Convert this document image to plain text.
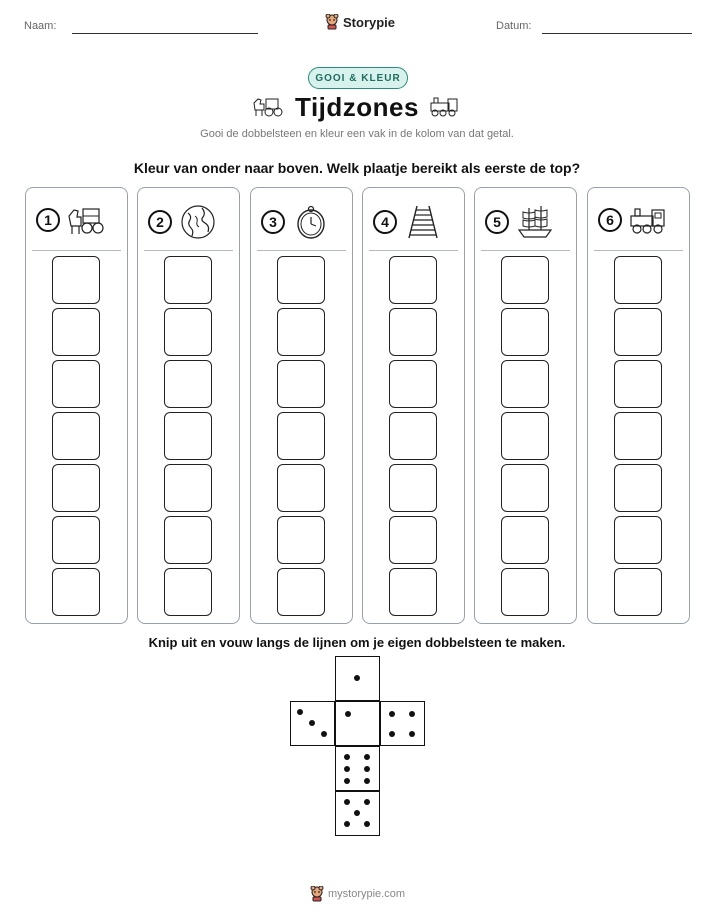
Naam:	Storypie	Datum:
GOOI & KLEUR
Tijdzones
Gooi de dobbelsteen en kleur een vak in de kolom van dat getal.
Kleur van onder naar boven. Welk plaatje bereikt als eerste de top?
1	2	3	4	5	6
Knip uit en vouw langs de lijnen om je eigen dobbelsteen te maken.
mystorypie.com
